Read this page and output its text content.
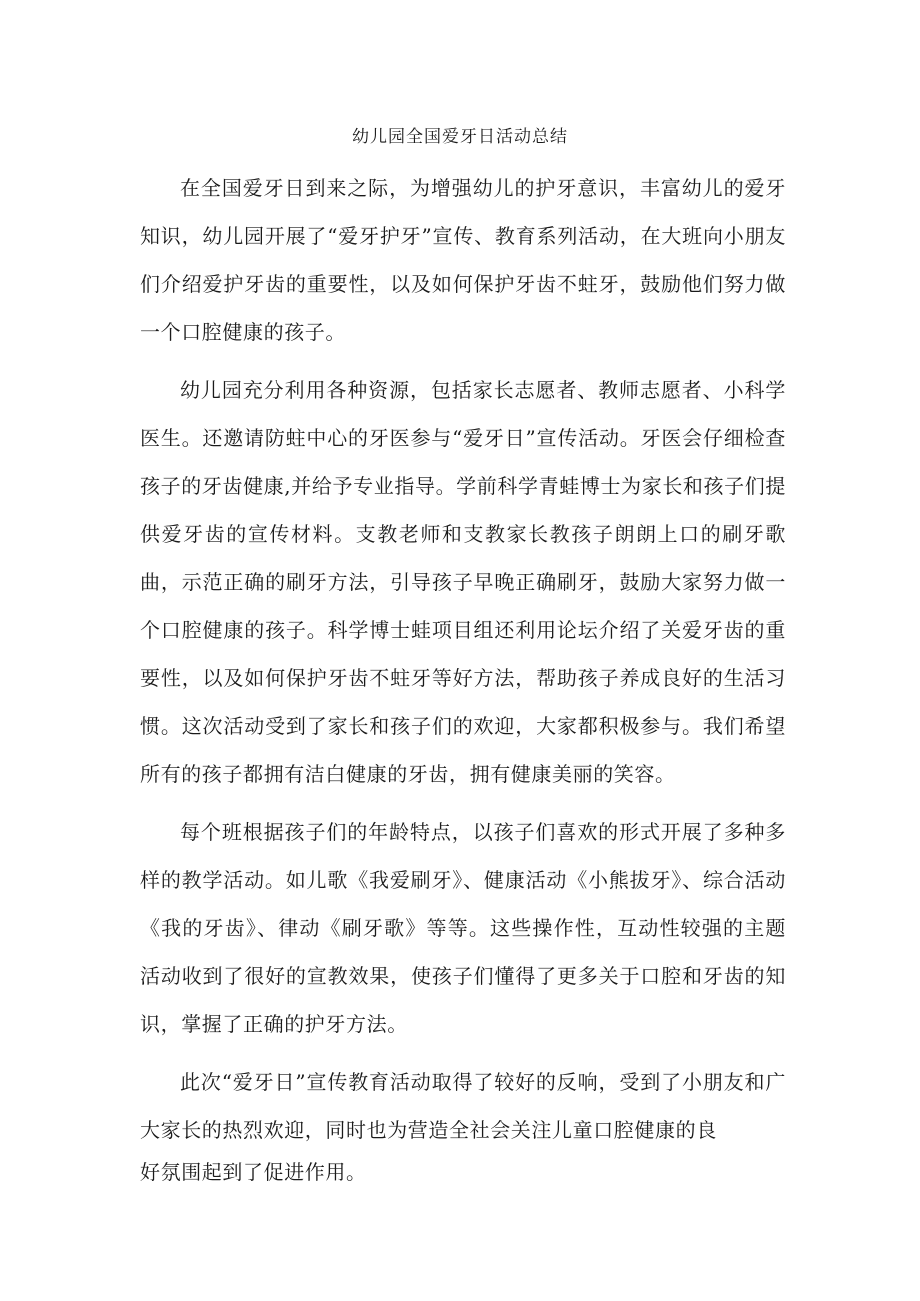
幼儿园全国爱牙日活动总结

在全国爱牙日到来之际，为增强幼儿的护牙意识，丰富幼儿的爱牙知识，幼儿园开展了“爱牙护牙”宣传、教育系列活动，在大班向小朋友们介绍爱护牙齿的重要性，以及如何保护牙齿不蛀牙，鼓励他们努力做一个口腔健康的孩子。

幼儿园充分利用各种资源，包括家长志愿者、教师志愿者、小科学医生。还邀请防蛀中心的牙医参与“爱牙日”宣传活动。牙医会仔细检查孩子的牙齿健康,并给予专业指导。学前科学青蛙博士为家长和孩子们提供爱牙齿的宣传材料。支教老师和支教家长教孩子朗朗上口的刷牙歌曲，示范正确的刷牙方法，引导孩子早晚正确刷牙，鼓励大家努力做一个口腔健康的孩子。科学博士蛙项目组还利用论坛介绍了关爱牙齿的重要性，以及如何保护牙齿不蛀牙等好方法，帮助孩子养成良好的生活习惯。这次活动受到了家长和孩子们的欢迎，大家都积极参与。我们希望所有的孩子都拥有洁白健康的牙齿，拥有健康美丽的笑容。

每个班根据孩子们的年龄特点，以孩子们喜欢的形式开展了多种多样的教学活动。如儿歌《我爱刷牙》、健康活动《小熊拔牙》、综合活动《我的牙齿》、律动《刷牙歌》等等。这些操作性，互动性较强的主题活动收到了很好的宣教效果，使孩子们懂得了更多关于口腔和牙齿的知识，掌握了正确的护牙方法。

此次“爱牙日”宣传教育活动取得了较好的反响，受到了小朋友和广大家长的热烈欢迎，同时也为营造全社会关注儿童口腔健康的良
好氛围起到了促进作用。
